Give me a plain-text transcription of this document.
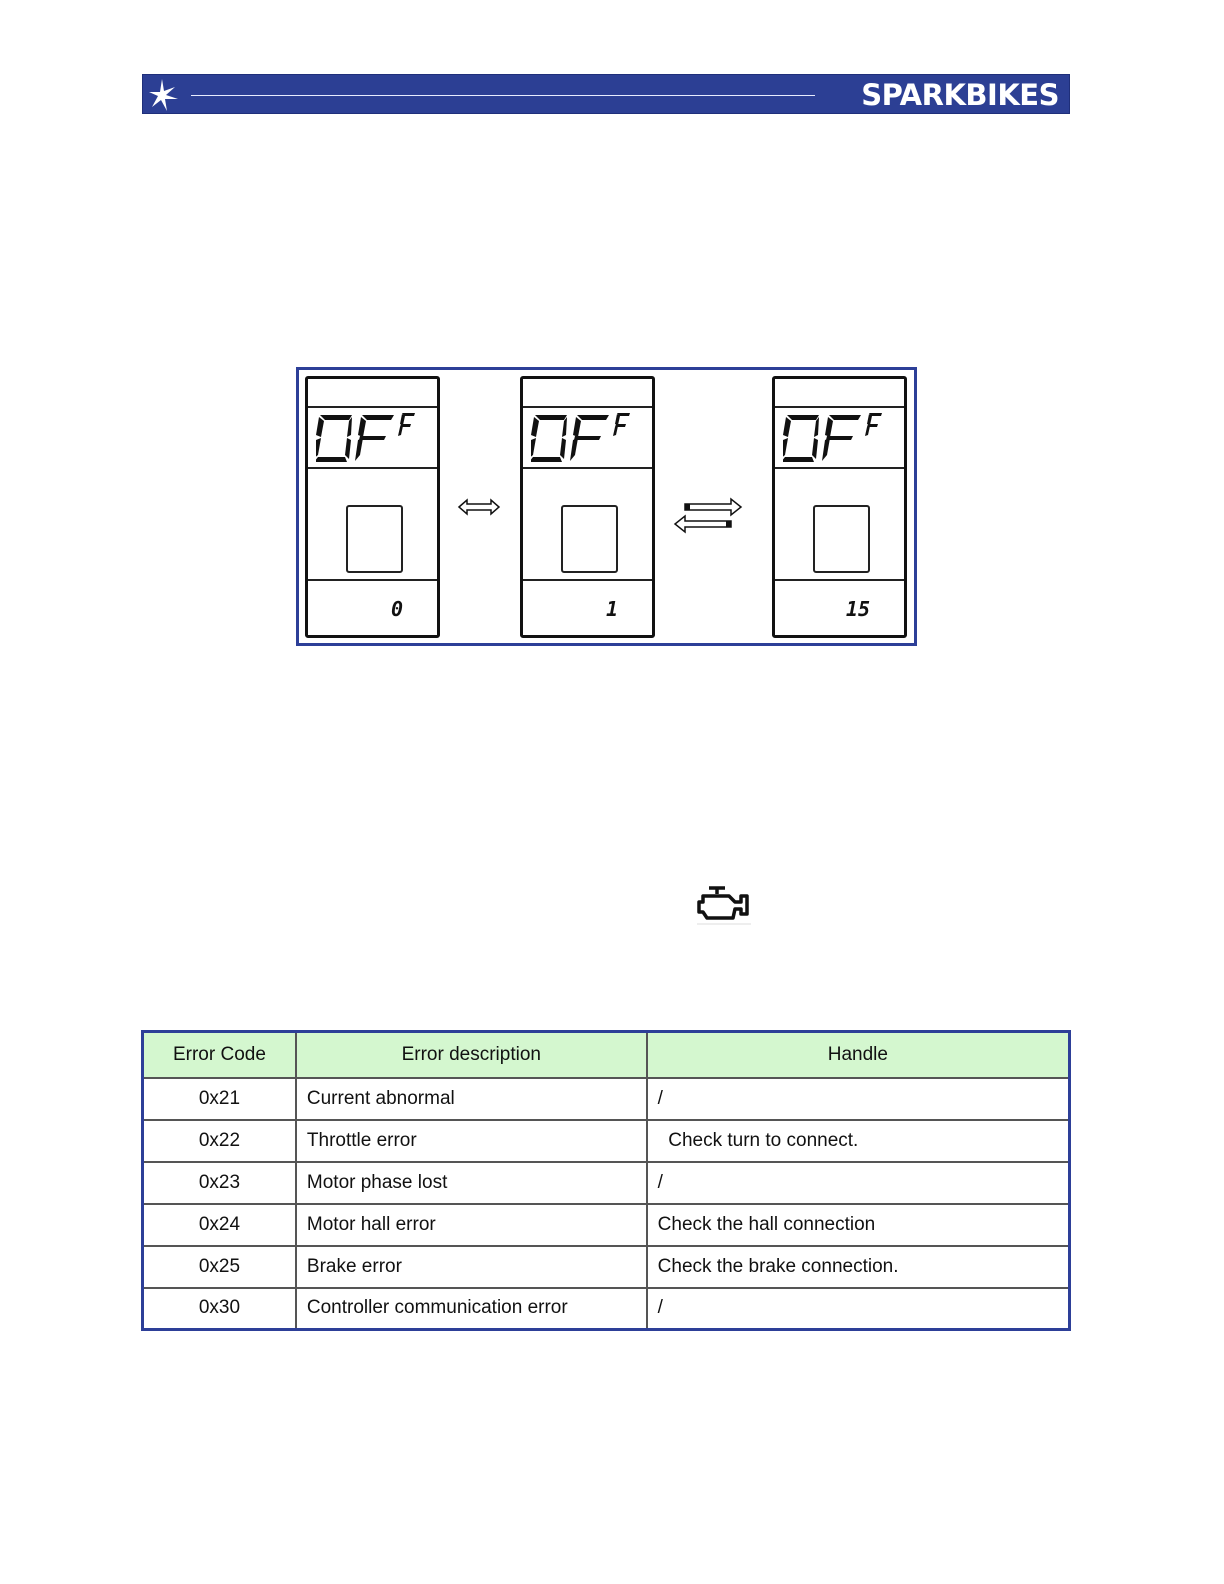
SPARKBIKES
0	1	15
Error Code	Error description	Handle
0x21	Current abnormal	/
0x22	Throttle error	Check turn to connect.
0x23	Motor phase lost	/
0x24	Motor hall error	Check the hall connection
0x25	Brake error	Check the brake connection.
0x30	Controller communication error	/
